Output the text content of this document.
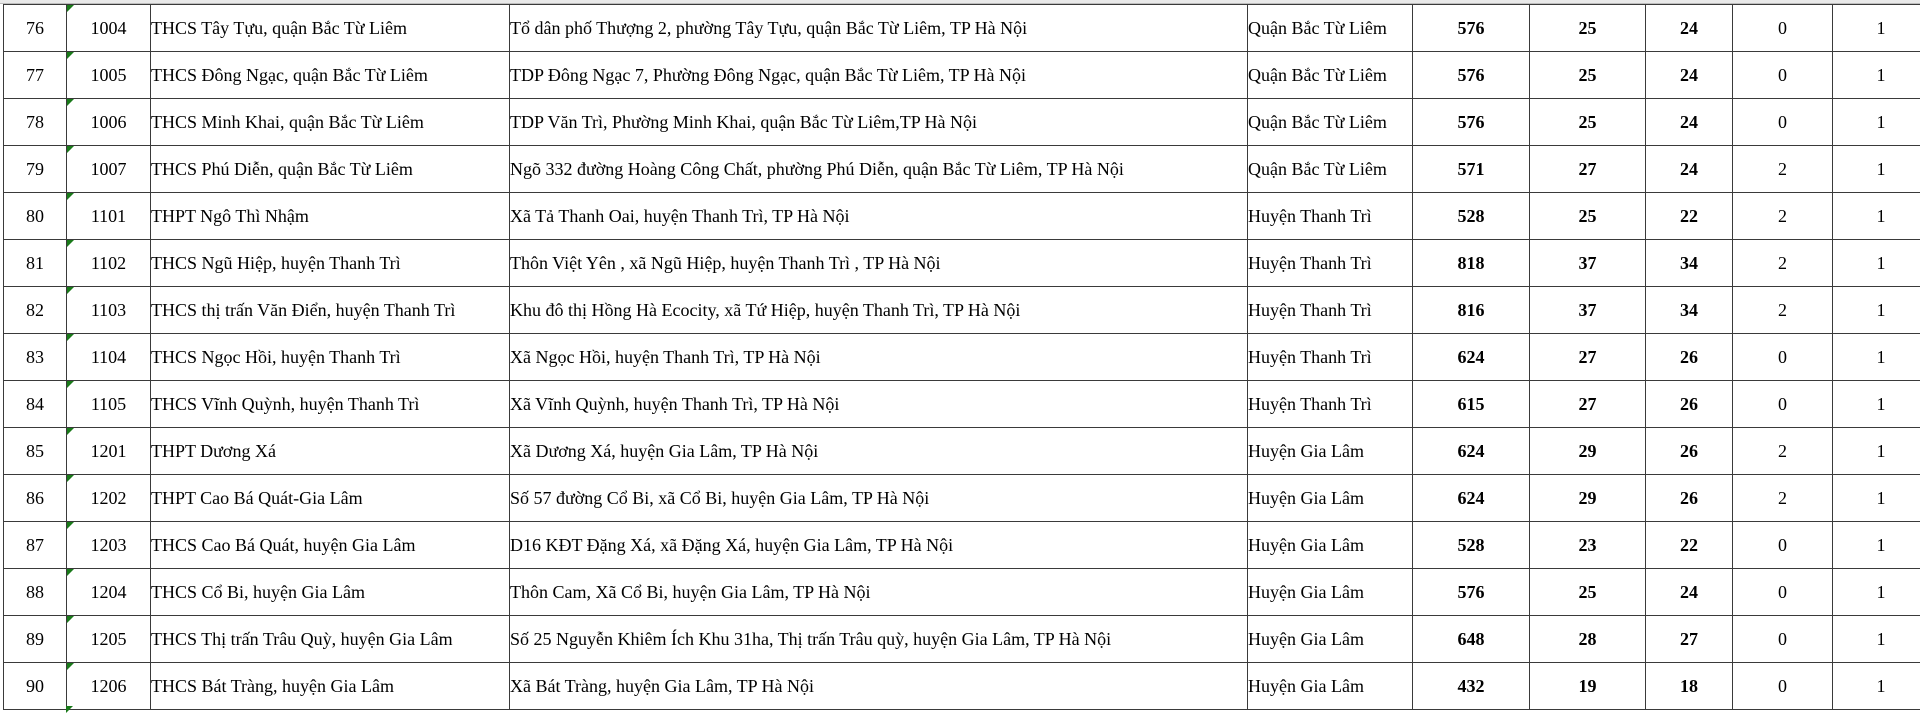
76	1004	THCS Tây Tựu, quận Bắc Từ Liêm	Tổ dân phố Thượng 2, phường Tây Tựu, quận Bắc Từ Liêm, TP Hà Nội	Quận Bắc Từ Liêm	576	25	24	0	1
77	1005	THCS Đông Ngạc, quận Bắc Từ Liêm	TDP Đông Ngạc 7, Phường Đông Ngạc, quận Bắc Từ Liêm, TP Hà Nội	Quận Bắc Từ Liêm	576	25	24	0	1
78	1006	THCS Minh Khai, quận Bắc Từ Liêm	TDP Văn Trì, Phường Minh Khai, quận Bắc Từ Liêm,TP Hà Nội	Quận Bắc Từ Liêm	576	25	24	0	1
79	1007	THCS Phú Diễn, quận Bắc Từ Liêm	Ngõ 332 đường Hoàng Công Chất, phường Phú Diễn, quận Bắc Từ Liêm, TP Hà Nội	Quận Bắc Từ Liêm	571	27	24	2	1
80	1101	THPT Ngô Thì Nhậm	Xã Tả Thanh Oai, huyện Thanh Trì, TP Hà Nội	Huyện Thanh Trì	528	25	22	2	1
81	1102	THCS Ngũ Hiệp, huyện Thanh Trì	Thôn Việt Yên , xã Ngũ Hiệp, huyện Thanh Trì , TP Hà Nội	Huyện Thanh Trì	818	37	34	2	1
82	1103	THCS thị trấn Văn Điển, huyện Thanh Trì	Khu đô thị Hồng Hà Ecocity, xã Tứ Hiệp, huyện Thanh Trì, TP Hà Nội	Huyện Thanh Trì	816	37	34	2	1
83	1104	THCS Ngọc Hồi, huyện Thanh Trì	Xã Ngọc Hồi, huyện Thanh Trì, TP Hà Nội	Huyện Thanh Trì	624	27	26	0	1
84	1105	THCS Vĩnh Quỳnh, huyện Thanh Trì	Xã Vĩnh Quỳnh, huyện Thanh Trì, TP Hà Nội	Huyện Thanh Trì	615	27	26	0	1
85	1201	THPT Dương Xá	Xã Dương Xá, huyện Gia Lâm, TP Hà Nội	Huyện Gia Lâm	624	29	26	2	1
86	1202	THPT Cao Bá Quát-Gia Lâm	Số 57 đường Cổ Bi, xã Cổ Bi, huyện Gia Lâm, TP Hà Nội	Huyện Gia Lâm	624	29	26	2	1
87	1203	THCS Cao Bá Quát, huyện Gia Lâm	D16 KĐT Đặng Xá, xã Đặng Xá, huyện Gia Lâm, TP Hà Nội	Huyện Gia Lâm	528	23	22	0	1
88	1204	THCS Cổ Bi, huyện Gia Lâm	Thôn Cam, Xã Cổ Bi, huyện Gia Lâm, TP Hà Nội	Huyện Gia Lâm	576	25	24	0	1
89	1205	THCS Thị trấn Trâu Quỳ, huyện Gia Lâm	Số 25 Nguyễn Khiêm Ích Khu 31ha, Thị trấn Trâu quỳ, huyện Gia Lâm, TP Hà Nội	Huyện Gia Lâm	648	28	27	0	1
90	1206	THCS Bát Tràng, huyện Gia Lâm	Xã Bát Tràng, huyện Gia Lâm, TP Hà Nội	Huyện Gia Lâm	432	19	18	0	1
